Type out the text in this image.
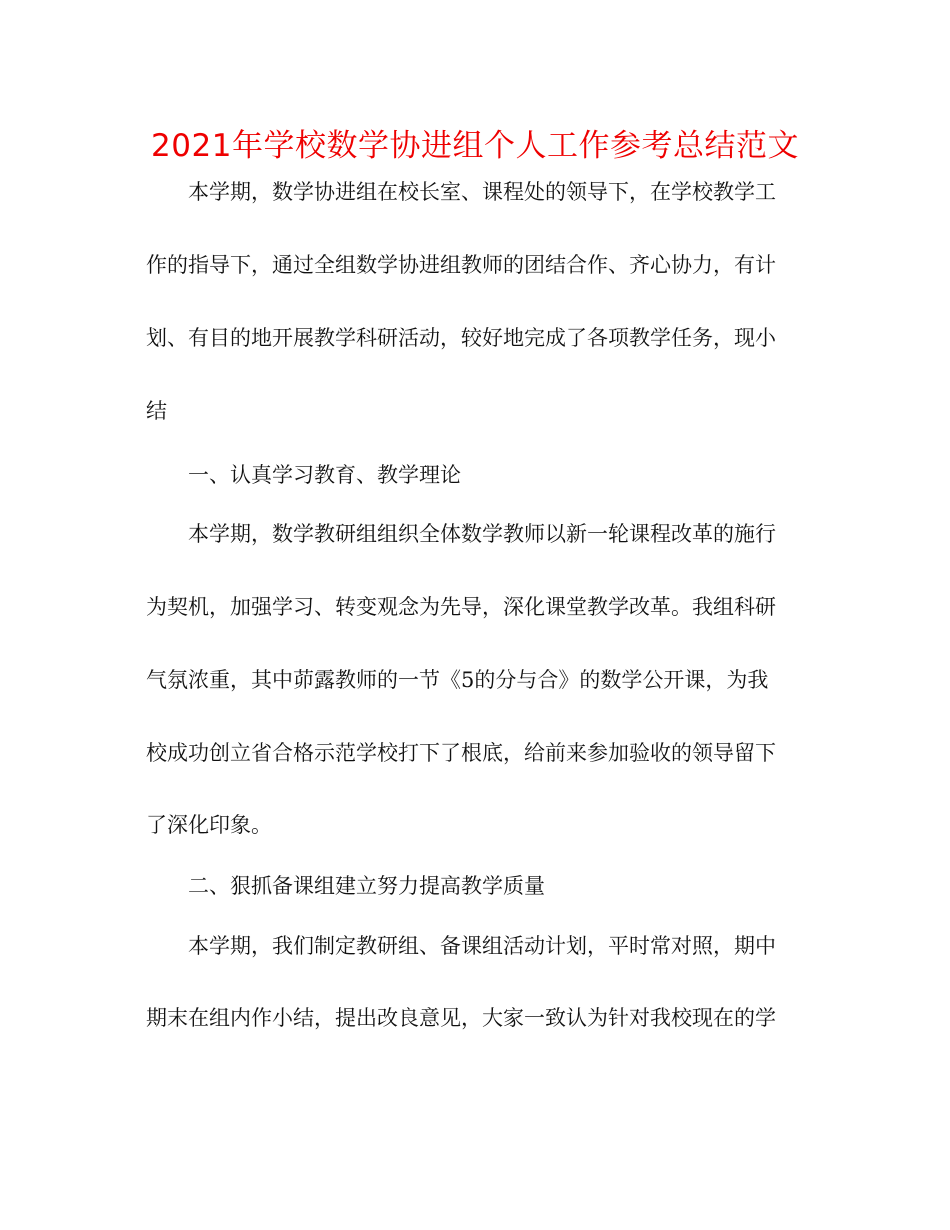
2021年学校数学协进组个人工作参考总结范文
本学期，数学协进组在校长室、课程处的领导下，在学校教学工
作的指导下，通过全组数学协进组教师的团结合作、齐心协力，有计
划、有目的地开展教学科研活动，较好地完成了各项教学任务，现小
结
一、认真学习教育、教学理论
本学期，数学教研组组织全体数学教师以新一轮课程改革的施行
为契机，加强学习、转变观念为先导，深化课堂教学改革。我组科研
气氛浓重，其中茆露教师的一节《5的分与合》的数学公开课，为我
校成功创立省合格示范学校打下了根底，给前来参加验收的领导留下
了深化印象。
二、狠抓备课组建立努力提高教学质量
本学期，我们制定教研组、备课组活动计划，平时常对照，期中
期末在组内作小结，提出改良意见，大家一致认为针对我校现在的学
